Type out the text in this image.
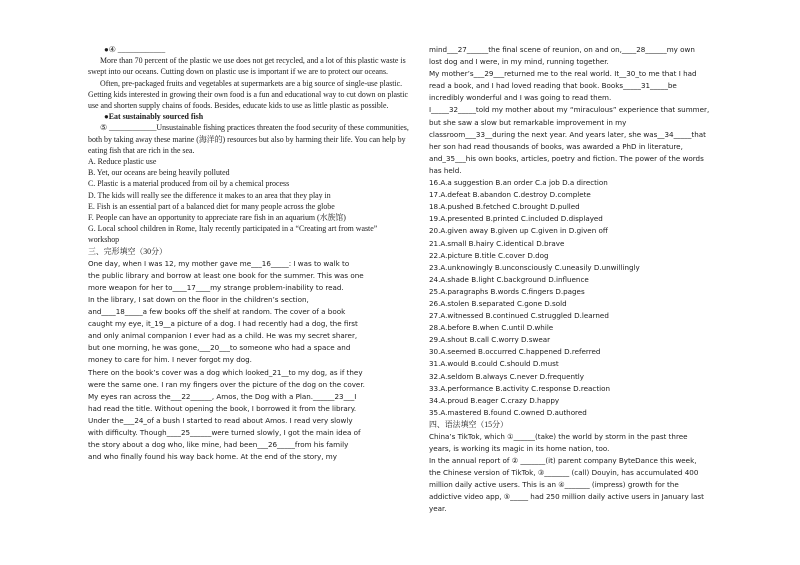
●④ ____________

More than 70 percent of the plastic we use does not get recycled, and a lot of this plastic waste is swept into our oceans. Cutting down on plastic use is important if we are to protect our oceans.

Often, pre-packaged fruits and vegetables at supermarkets are a big source of single-use plastic. Getting kids interested in growing their own food is a fun and educational way to cut down on plastic use and shorten supply chains of foods. Besides, educate kids to use as little plastic as possible.

●Eat sustainably sourced fish

⑤ ____________Unsustainable fishing practices threaten the food security of these communities, both by taking away these marine (海洋的) resources but also by harming their life. You can help by eating fish that are rich in the sea.

A. Reduce plastic use

B. Yet, our oceans are being heavily polluted

C. Plastic is a material produced from oil by a chemical process

D. The kids will really see the difference it makes to an area that they play in

E. Fish is an essential part of a balanced diet for many people across the globe

F. People can have an opportunity to appreciate rare fish in an aquarium (水族馆)

G. Local school children in Rome, Italy recently participated in a “Creating art from waste” workshop

三、完形填空（30分）
One day, when I was 12, my mother gave me___16_____: I was to walk to
the public library and borrow at least one book for the summer. This was one
more weapon for her to____17____my strange problem-inability to read.
In the library, I sat down on the floor in the children’s section,
and____18_____a few books off the shelf at random. The cover of a book
caught my eye, it_19__a picture of a dog. I had recently had a dog, the first
and only animal companion I ever had as a child. He was my secret sharer,
but one morning, he was gone,___20___to someone who had a space and
money to care for him. I never forgot my dog.
There on the book’s cover was a dog which looked_21__to my dog, as if they
were the same one. I ran my fingers over the picture of the dog on the cover.
My eyes ran across the___22______, Amos, the Dog with a Plan.______23___I
had read the title. Without opening the book, I borrowed it from the library.
Under the___24_of a bush I started to read about Amos. I read very slowly
with difficulty. Though____25______were turned slowly, I got the main idea of
the story about a dog who, like mine, had been___26_____from his family
and who finally found his way back home. At the end of the story, my
mind___27______the final scene of reunion, on and on,____28______my own
lost dog and I were, in my mind, running together.
My mother’s___29___returned me to the real world. It__30_to me that I had
read a book, and I had loved reading that book. Books_____31_____be
incredibly wonderful and I was going to read them.
I_____32_____told my mother about my “miraculous” experience that summer,
but she saw a slow but remarkable improvement in my
classroom___33__during the next year. And years later, she was__34_____that
her son had read thousands of books, was awarded a PhD in literature,
and_35___his own books, articles, poetry and fiction. The power of the words
has held.
16.A.a suggestion B.an order C.a job D.a direction
17.A.defeat B.abandon C.destroy D.complete
18.A.pushed B.fetched C.brought D.pulled
19.A.presented B.printed C.included D.displayed
20.A.given away B.given up C.given in D.given off
21.A.small B.hairy C.identical D.brave
22.A.picture B.title C.cover D.dog
23.A.unknowingly B.unconsciously C.uneasily D.unwillingly
24.A.shade B.light C.background D.influence
25.A.paragraphs B.words C.fingers D.pages
26.A.stolen B.separated C.gone D.sold
27.A.witnessed B.continued C.struggled D.learned
28.A.before B.when C.until D.while
29.A.shout B.call C.worry D.swear
30.A.seemed B.occurred C.happened D.referred
31.A.would B.could C.should D.must
32.A.seldom B.always C.never D.frequently
33.A.performance B.activity C.response D.reaction
34.A.proud B.eager C.crazy D.happy
35.A.mastered B.found C.owned D.authored
四、语法填空（15分）
China’s TikTok, which ①______(take) the world by storm in the past three
years, is working its magic in its home nation, too.
In the annual report of ② _______(it) parent company ByteDance this week,
the Chinese version of TikTok, ③_______ (call) Douyin, has accumulated 400
million daily active users. This is an ④_______ (impress) growth for the
addictive video app, ⑤_____ had 250 million daily active users in January last
year.
